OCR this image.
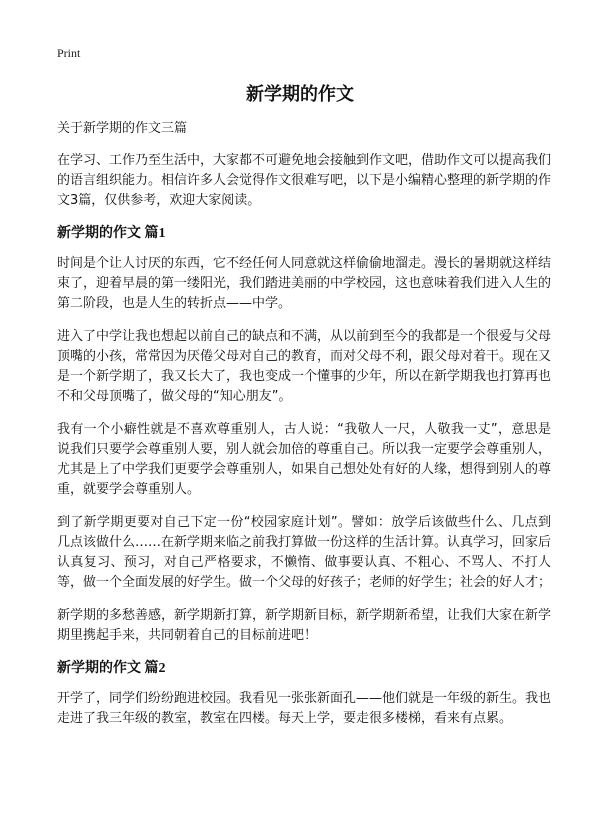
Print
新学期的作文
关于新学期的作文三篇

在学习、工作乃至生活中，大家都不可避免地会接触到作文吧，借助作文可以提高我们的语言组织能力。相信许多人会觉得作文很难写吧，以下是小编精心整理的新学期的作文3篇，仅供参考，欢迎大家阅读。

新学期的作文 篇1

时间是个让人讨厌的东西，它不经任何人同意就这样偷偷地溜走。漫长的暑期就这样结束了，迎着早晨的第一缕阳光，我们踏进美丽的中学校园，这也意味着我们进入人生的第二阶段，也是人生的转折点——中学。

进入了中学让我也想起以前自己的缺点和不满，从以前到至今的我都是一个很爱与父母顶嘴的小孩，常常因为厌倦父母对自己的教育，而对父母不利，跟父母对着干。现在又是一个新学期了，我又长大了，我也变成一个懂事的少年，所以在新学期我也打算再也不和父母顶嘴了，做父母的“知心朋友”。

我有一个小癖性就是不喜欢尊重别人，古人说：“我敬人一尺，人敬我一丈”，意思是说我们只要学会尊重别人要，别人就会加倍的尊重自己。所以我一定要学会尊重别人，尤其是上了中学我们更要学会尊重别人，如果自己想处处有好的人缘，想得到别人的尊重，就要学会尊重别人。

到了新学期更要对自己下定一份“校园家庭计划”。譬如：放学后该做些什么、几点到几点该做什么……在新学期来临之前我打算做一份这样的生活计算。认真学习，回家后认真复习、预习，对自己严格要求，不懒惰、做事要认真、不粗心、不骂人、不打人等，做一个全面发展的好学生。做一个父母的好孩子；老师的好学生；社会的好人才；

新学期的多愁善感，新学期新打算，新学期新目标，新学期新希望，让我们大家在新学期里携起手来，共同朝着自己的目标前进吧！

新学期的作文 篇2

开学了，同学们纷纷跑进校园。我看见一张张新面孔——他们就是一年级的新生。我也走进了我三年级的教室，教室在四楼。每天上学，要走很多楼梯，看来有点累。
